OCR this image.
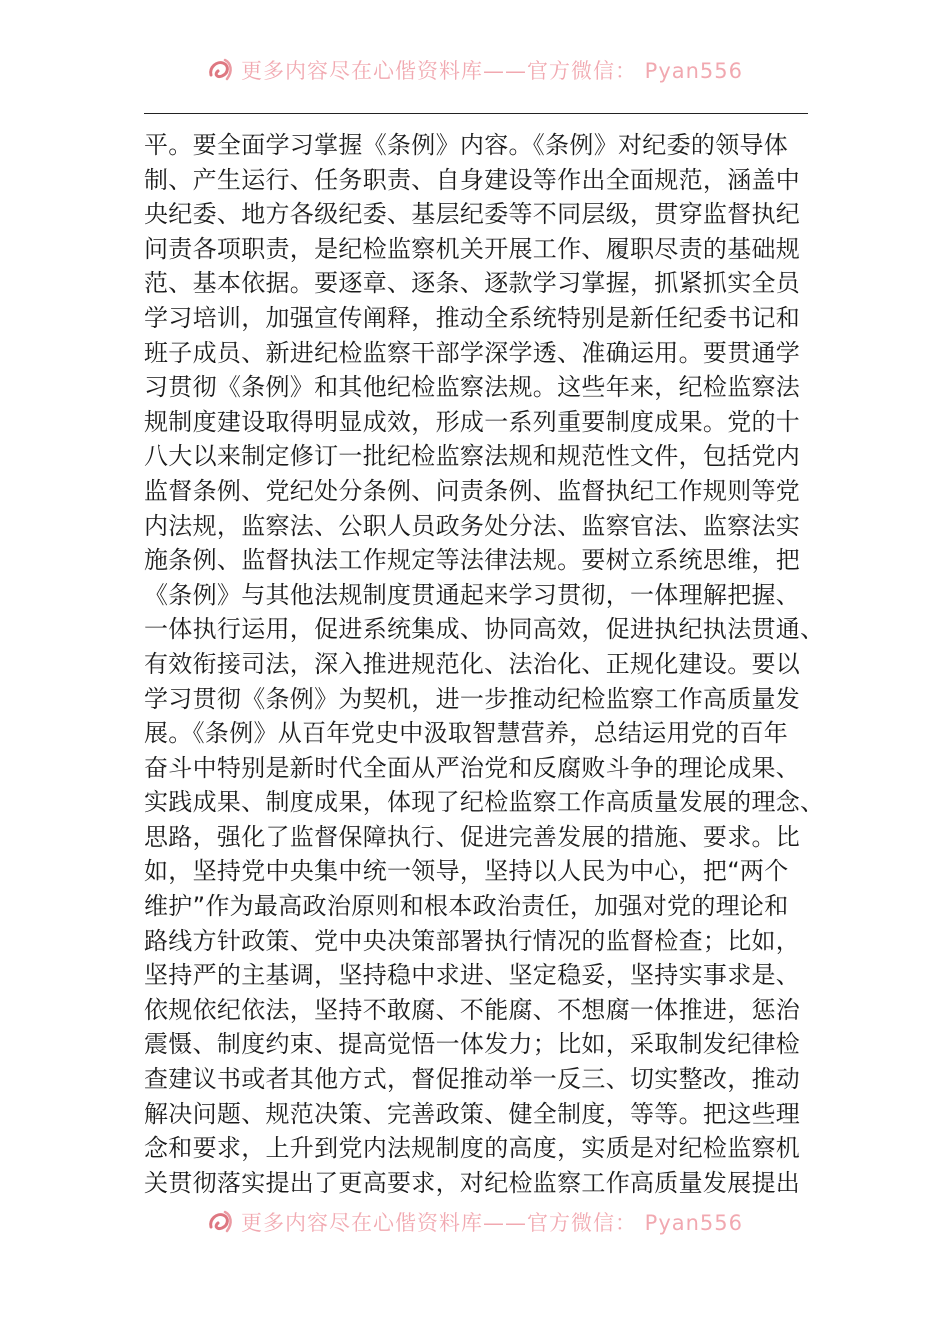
更多内容尽在心偕资料库——官方微信： Pyan556
平。要全面学习掌握《条例》内容。《条例》对纪委的领导体
制、产生运行、任务职责、自身建设等作出全面规范，涵盖中
央纪委、地方各级纪委、基层纪委等不同层级，贯穿监督执纪
问责各项职责，是纪检监察机关开展工作、履职尽责的基础规
范、基本依据。要逐章、逐条、逐款学习掌握，抓紧抓实全员
学习培训，加强宣传阐释，推动全系统特别是新任纪委书记和
班子成员、新进纪检监察干部学深学透、准确运用。要贯通学
习贯彻《条例》和其他纪检监察法规。这些年来，纪检监察法
规制度建设取得明显成效，形成一系列重要制度成果。党的十
八大以来制定修订一批纪检监察法规和规范性文件，包括党内
监督条例、党纪处分条例、问责条例、监督执纪工作规则等党
内法规，监察法、公职人员政务处分法、监察官法、监察法实
施条例、监督执法工作规定等法律法规。要树立系统思维，把
《条例》与其他法规制度贯通起来学习贯彻，一体理解把握、
一体执行运用，促进系统集成、协同高效，促进执纪执法贯通、
有效衔接司法，深入推进规范化、法治化、正规化建设。要以
学习贯彻《条例》为契机，进一步推动纪检监察工作高质量发
展。《条例》从百年党史中汲取智慧营养，总结运用党的百年
奋斗中特别是新时代全面从严治党和反腐败斗争的理论成果、
实践成果、制度成果，体现了纪检监察工作高质量发展的理念、
思路，强化了监督保障执行、促进完善发展的措施、要求。比
如，坚持党中央集中统一领导，坚持以人民为中心，把“两个
维护”作为最高政治原则和根本政治责任，加强对党的理论和
路线方针政策、党中央决策部署执行情况的监督检查；比如，
坚持严的主基调，坚持稳中求进、坚定稳妥，坚持实事求是、
依规依纪依法，坚持不敢腐、不能腐、不想腐一体推进，惩治
震慑、制度约束、提高觉悟一体发力；比如，采取制发纪律检
查建议书或者其他方式，督促推动举一反三、切实整改，推动
解决问题、规范决策、完善政策、健全制度，等等。把这些理
念和要求，上升到党内法规制度的高度，实质是对纪检监察机
关贯彻落实提出了更高要求，对纪检监察工作高质量发展提出
更多内容尽在心偕资料库——官方微信： Pyan556
